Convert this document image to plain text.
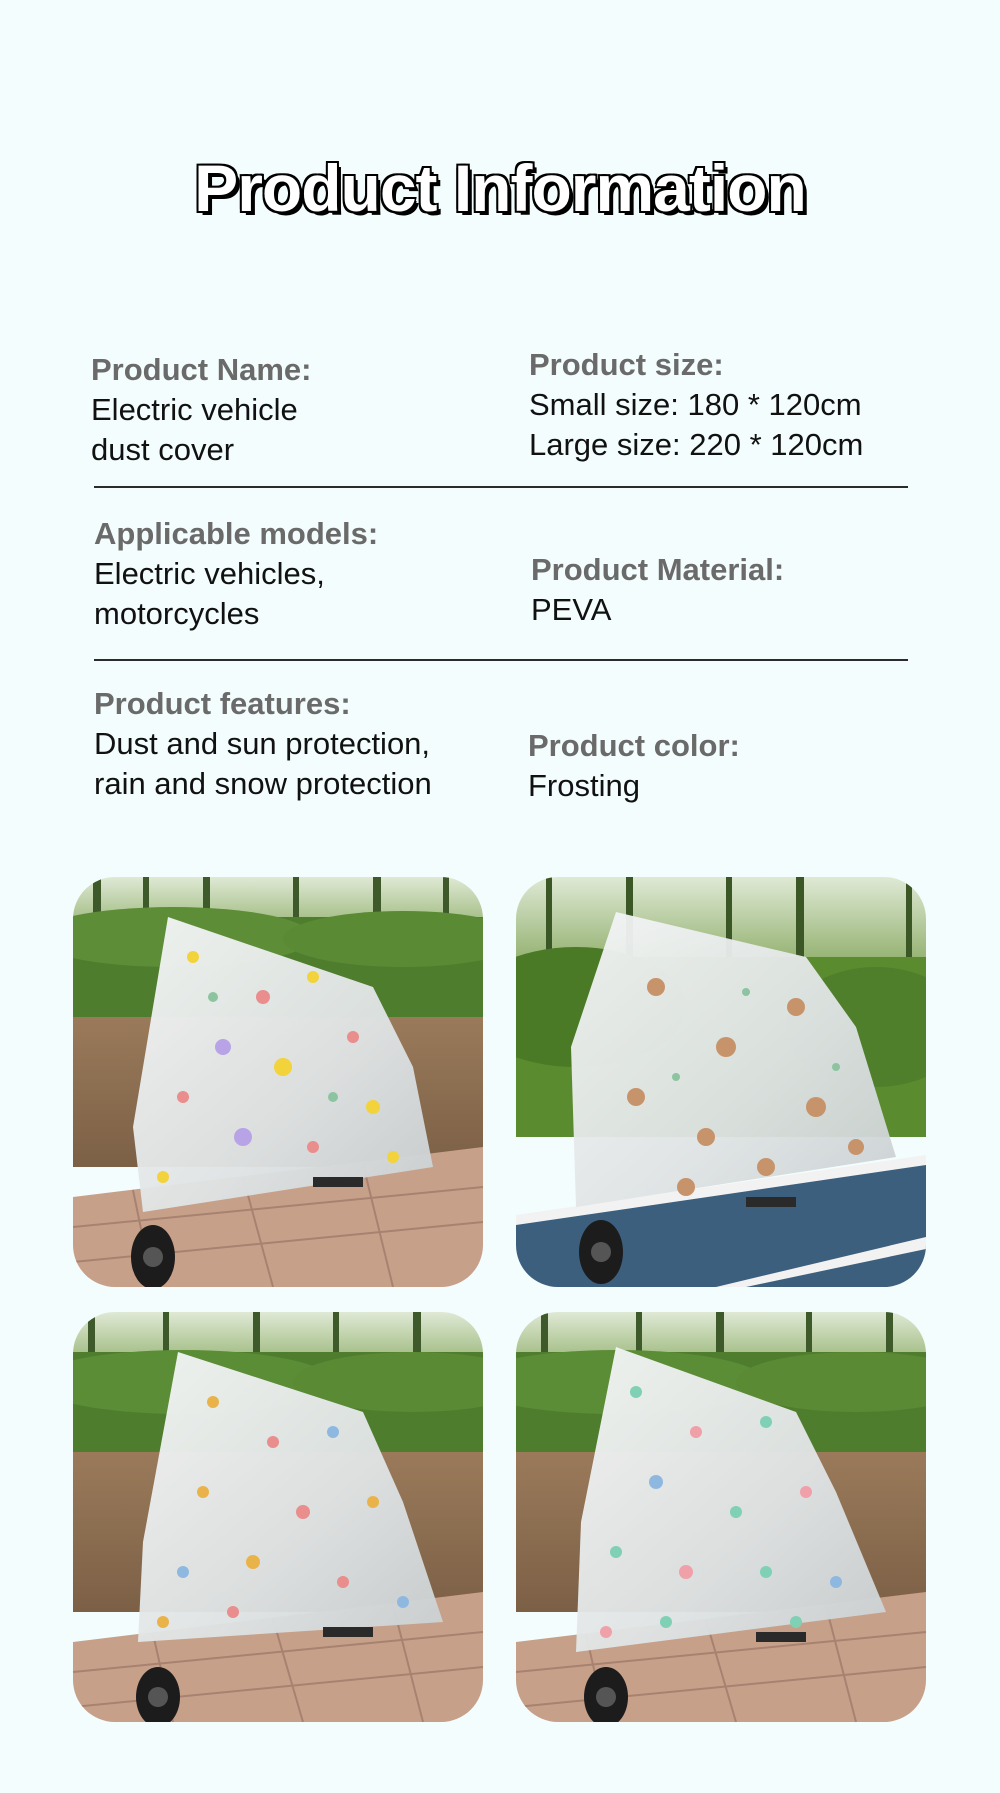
Product Information
Product Name:
Electric vehicle
dust cover
Product size:
Small size: 180 * 120cm
Large size: 220 * 120cm
Applicable models:
Electric vehicles,
motorcycles
Product Material:
PEVA
Product features:
Dust and sun protection,
rain and snow protection
Product color:
Frosting
